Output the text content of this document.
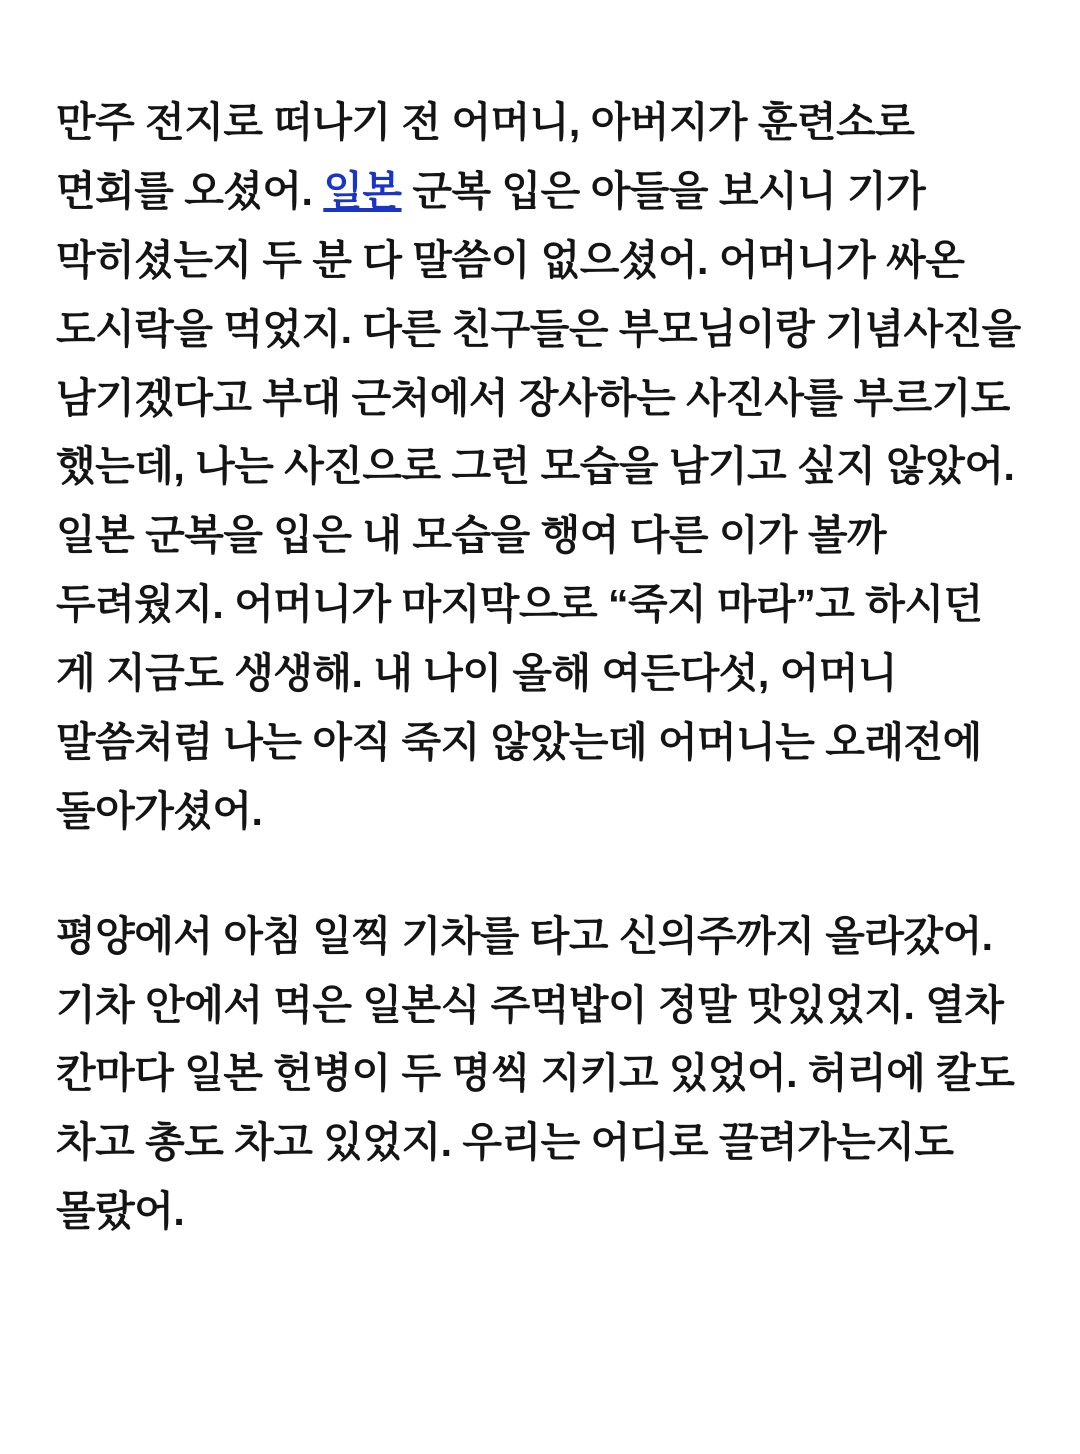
만주 전지로 떠나기 전 어머니, 아버지가 훈련소로 면회를 오셨어. 일본 군복 입은 아들을 보시니 기가 막히셨는지 두 분 다 말씀이 없으셨어. 어머니가 싸온 도시락을 먹었지. 다른 친구들은 부모님이랑 기념사진을 남기겠다고 부대 근처에서 장사하는 사진사를 부르기도 했는데, 나는 사진으로 그런 모습을 남기고 싶지 않았어. 일본 군복을 입은 내 모습을 행여 다른 이가 볼까 두려웠지. 어머니가 마지막으로 “죽지 마라”고 하시던 게 지금도 생생해. 내 나이 올해 여든다섯, 어머니 말씀처럼 나는 아직 죽지 않았는데 어머니는 오래전에 돌아가셨어.

평양에서 아침 일찍 기차를 타고 신의주까지 올라갔어. 기차 안에서 먹은 일본식 주먹밥이 정말 맛있었지. 열차 칸마다 일본 헌병이 두 명씩 지키고 있었어. 허리에 칼도 차고 총도 차고 있었지. 우리는 어디로 끌려가는지도 몰랐어.
